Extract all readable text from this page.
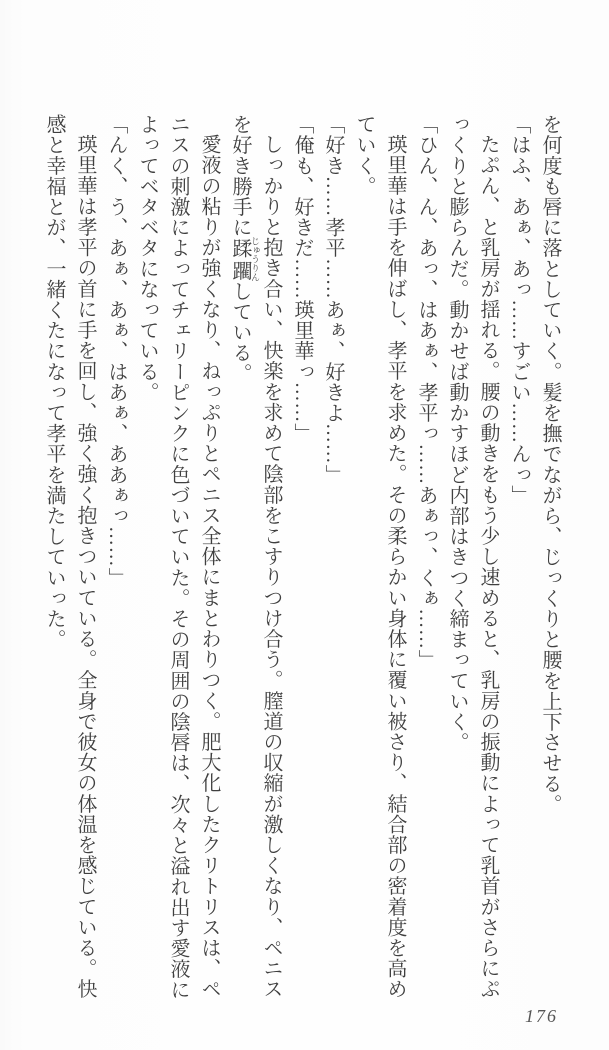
を何度も唇に落としていく。髪を撫でながら、じっくりと腰を上下させる。

「はふ、あぁ、あっ……すごい……んっ」

たぷん、と乳房が揺れる。腰の動きをもう少し速めると、乳房の振動によって乳首がさらにぷっくりと膨らんだ。動かせば動かすほど内部はきつく締まっていく。

「ひん、ん、あっ、はあぁ、孝平っ……あぁっ、くぁ……」

瑛里華は手を伸ばし、孝平を求めた。その柔らかい身体に覆い被さり、結合部の密着度を高めていく。

「好き……孝平……あぁ、好きよ……」

「俺も、好きだ……瑛里華っ……」

しっかりと抱き合い、快楽を求めて陰部をこすりつけ合う。膣道の収縮が激しくなり、ペニスを好き勝手に蹂躙 じゅうりんしている。

愛液の粘りが強くなり、ねっぷりとペニス全体にまとわりつく。肥大化したクリトリスは、ペニスの刺激によってチェリーピンクに色づいていた。その周囲の陰唇は、次々と溢れ出す愛液によってベタベタになっている。

「んく、う、あぁ、あぁ、はあぁ、ああぁっ……」

瑛里華は孝平の首に手を回し、強く強く抱きついている。全身で彼女の体温を感じている。快感と幸福とが、一緒くたになって孝平を満たしていった。

176
